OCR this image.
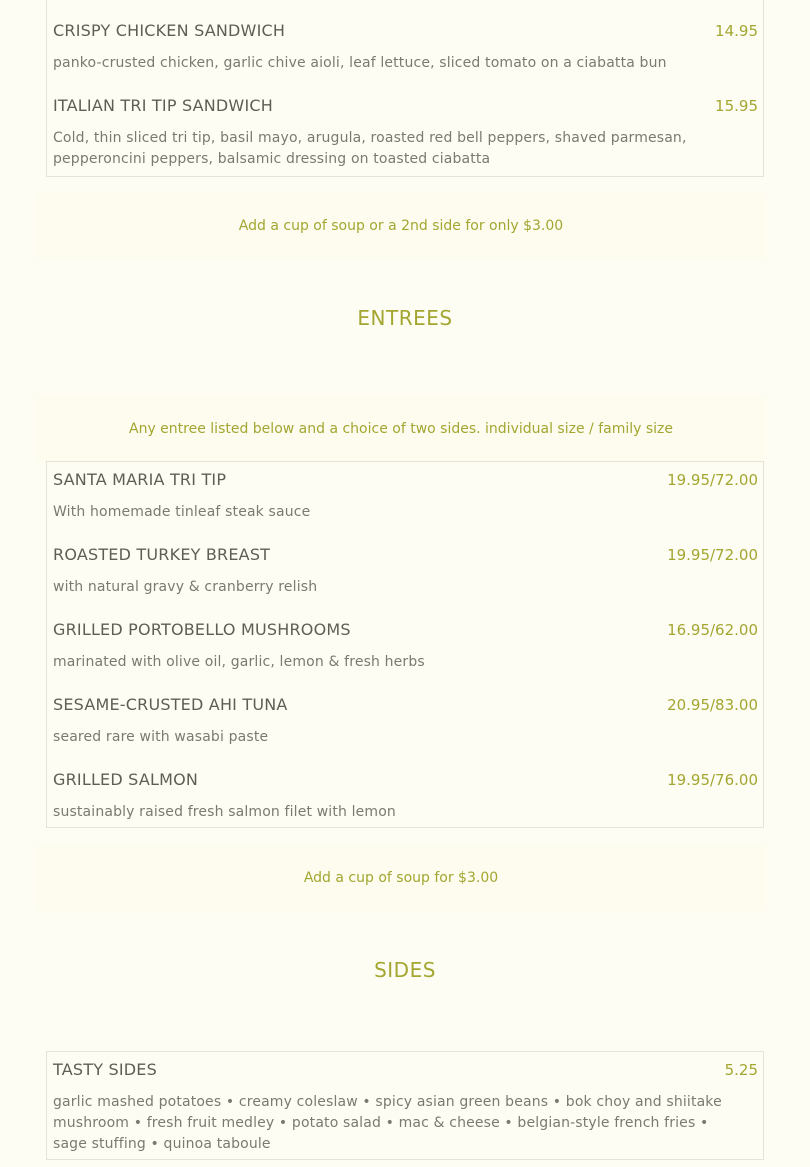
CRISPY CHICKEN SANDWICH	14.95
panko-crusted chicken, garlic chive aioli, leaf lettuce, sliced tomato on a ciabatta bun
ITALIAN TRI TIP SANDWICH	15.95
Cold, thin sliced tri tip, basil mayo, arugula, roasted red bell peppers, shaved parmesan, pepperoncini peppers, balsamic dressing on toasted ciabatta
Add a cup of soup or a 2nd side for only $3.00
ENTREES
Any entree listed below and a choice of two sides. individual size / family size
SANTA MARIA TRI TIP	19.95/72.00
With homemade tinleaf steak sauce
ROASTED TURKEY BREAST	19.95/72.00
with natural gravy & cranberry relish
GRILLED PORTOBELLO MUSHROOMS	16.95/62.00
marinated with olive oil, garlic, lemon & fresh herbs
SESAME-CRUSTED AHI TUNA	20.95/83.00
seared rare with wasabi paste
GRILLED SALMON	19.95/76.00
sustainably raised fresh salmon filet with lemon
Add a cup of soup for $3.00
SIDES
TASTY SIDES	5.25
garlic mashed potatoes • creamy coleslaw • spicy asian green beans • bok choy and shiitake mushroom • fresh fruit medley • potato salad • mac & cheese • belgian-style french fries • sage stuffing • quinoa taboule
